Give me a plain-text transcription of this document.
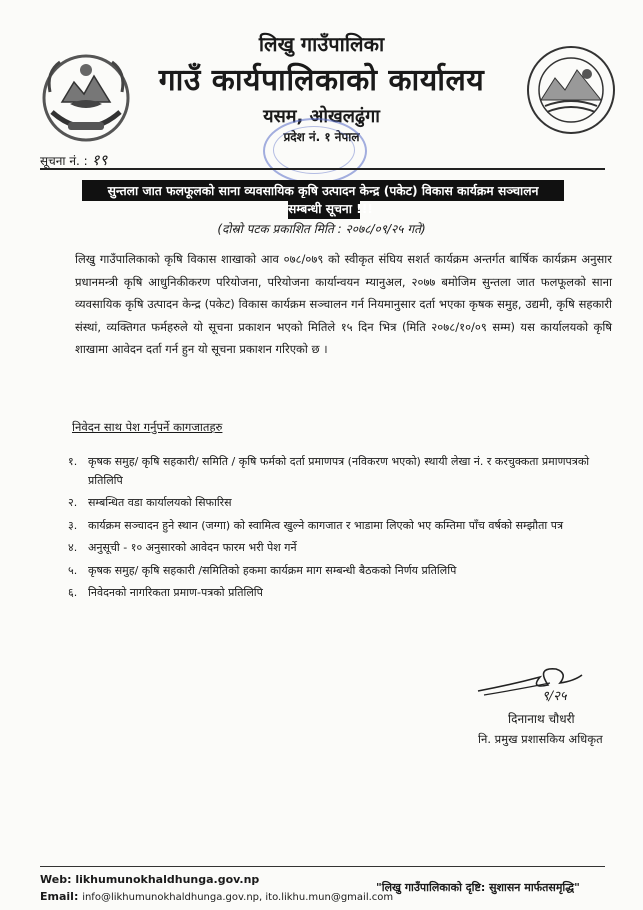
लिखु गाउँपालिका
गाउँ कार्यपालिकाको कार्यालय
यसम, ओखलढुंगा
प्रदेश नं. १ नेपाल
सूचना नं. : १९
सुन्तला जात फलफूलको साना व्यवसायिक कृषि उत्पादन केन्द्र (पकेट) विकास कार्यक्रम सञ्चालन
सम्बन्धी सूचना !!!
(दोस्रो पटक प्रकाशित मिति : २०७८/०९/२५ गते)
लिखु गाउँपालिकाको कृषि विकास शाखाको आव ०७८/०७९ को स्वीकृत संघिय सशर्त कार्यक्रम अन्तर्गत बार्षिक कार्यक्रम अनुसार प्रधानमन्त्री कृषि आधुनिकीकरण परियोजना, परियोजना कार्यान्वयन म्यानुअल, २०७७ बमोजिम सुन्तला जात फलफूलको साना व्यवसायिक कृषि उत्पादन केन्द्र (पकेट) विकास कार्यक्रम सञ्चालन गर्न नियमानुसार दर्ता भएका कृषक समुह, उद्यमी, कृषि सहकारी संस्थां, व्यक्तिगत फर्महरुले यो सूचना प्रकाशन भएको मितिले १५ दिन भित्र (मिति २०७८/१०/०९ सम्म) यस कार्यालयको कृषि शाखामा आवेदन दर्ता गर्न हुन यो सूचना प्रकाशन गरिएको छ ।
निवेदन साथ पेश गर्नुपर्ने कागजातहरु
१. कृषक समुह/ कृषि सहकारी/ समिति / कृषि फर्मको दर्ता प्रमाणपत्र (नविकरण भएको) स्थायी लेखा नं. र करचुक्कता प्रमाणपत्रको प्रतिलिपि
२. सम्बन्धित वडा कार्यालयको सिफारिस
३. कार्यक्रम सञ्चादन हुने स्थान (जग्गा) को स्वामित्व खुल्ने कागजात र भाडामा लिएको भए कम्तिमा पाँच वर्षको सम्झौता पत्र
४. अनुसूची - १० अनुसारको आवेदन फारम भरी पेश गर्ने
५. कृषक समुह/ कृषि सहकारी /समितिको हकमा कार्यक्रम माग सम्बन्धी बैठकको निर्णय प्रतिलिपि
६. निवेदनको नागरिकता प्रमाण-पत्रको प्रतिलिपि
९/२५
दिनानाथ चौधरी
नि. प्रमुख प्रशासकिय अधिकृत
Web: likhumunokhaldhunga.gov.np
Email: info@likhumunokhaldhunga.gov.np, ito.likhu.mun@gmail.com
"लिखु गाउँपालिकाको दृष्टि: सुशासन मार्फतसमृद्धि"
